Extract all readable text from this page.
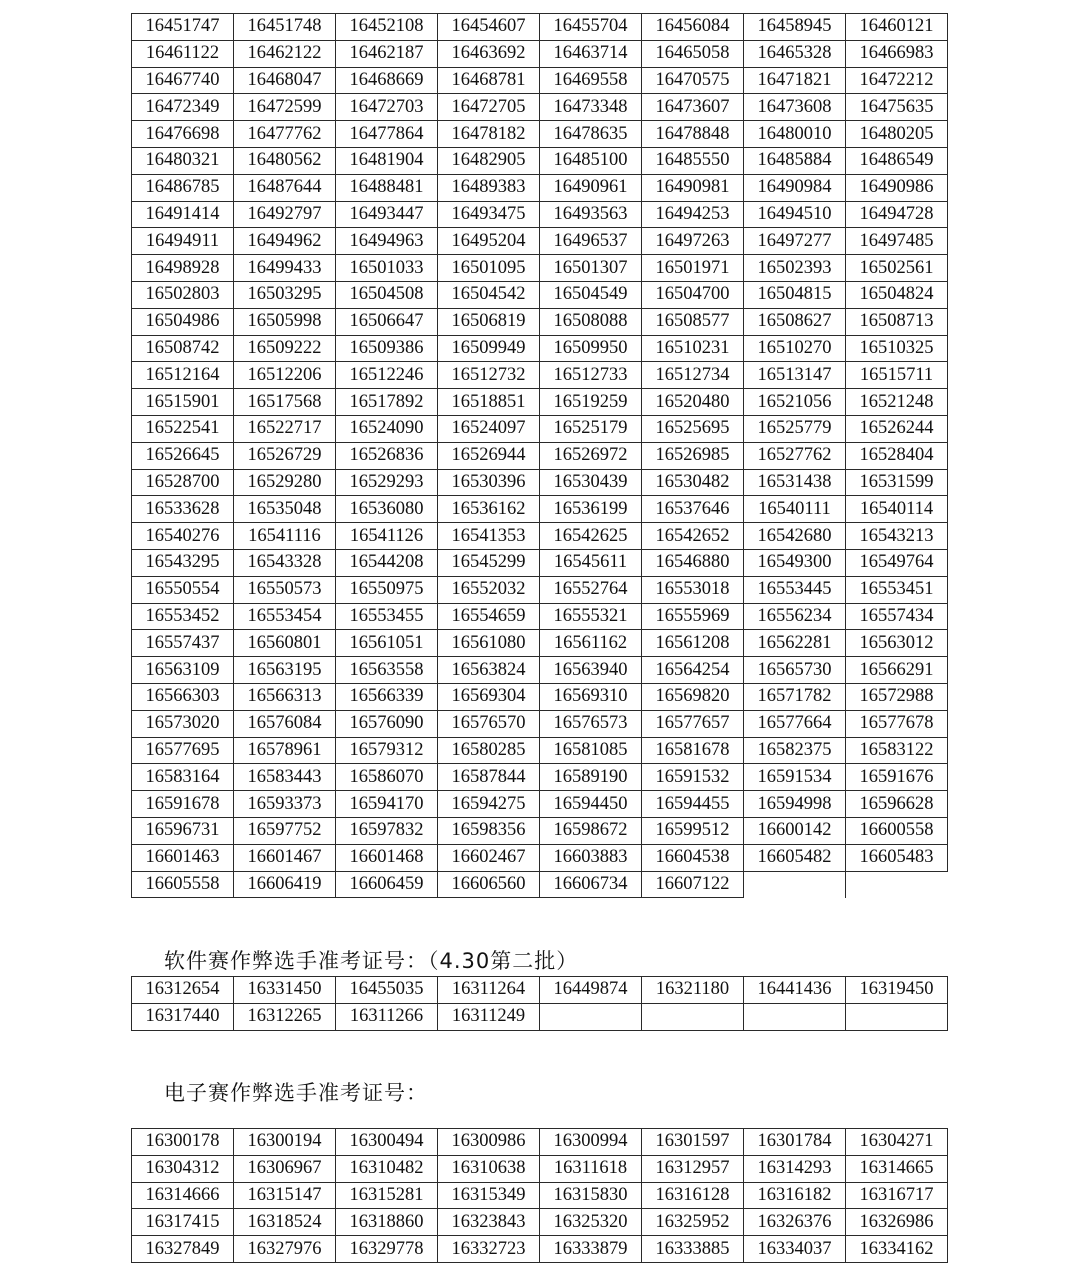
16451747	16451748	16452108	16454607	16455704	16456084	16458945	16460121
16461122	16462122	16462187	16463692	16463714	16465058	16465328	16466983
16467740	16468047	16468669	16468781	16469558	16470575	16471821	16472212
16472349	16472599	16472703	16472705	16473348	16473607	16473608	16475635
16476698	16477762	16477864	16478182	16478635	16478848	16480010	16480205
16480321	16480562	16481904	16482905	16485100	16485550	16485884	16486549
16486785	16487644	16488481	16489383	16490961	16490981	16490984	16490986
16491414	16492797	16493447	16493475	16493563	16494253	16494510	16494728
16494911	16494962	16494963	16495204	16496537	16497263	16497277	16497485
16498928	16499433	16501033	16501095	16501307	16501971	16502393	16502561
16502803	16503295	16504508	16504542	16504549	16504700	16504815	16504824
16504986	16505998	16506647	16506819	16508088	16508577	16508627	16508713
16508742	16509222	16509386	16509949	16509950	16510231	16510270	16510325
16512164	16512206	16512246	16512732	16512733	16512734	16513147	16515711
16515901	16517568	16517892	16518851	16519259	16520480	16521056	16521248
16522541	16522717	16524090	16524097	16525179	16525695	16525779	16526244
16526645	16526729	16526836	16526944	16526972	16526985	16527762	16528404
16528700	16529280	16529293	16530396	16530439	16530482	16531438	16531599
16533628	16535048	16536080	16536162	16536199	16537646	16540111	16540114
16540276	16541116	16541126	16541353	16542625	16542652	16542680	16543213
16543295	16543328	16544208	16545299	16545611	16546880	16549300	16549764
16550554	16550573	16550975	16552032	16552764	16553018	16553445	16553451
16553452	16553454	16553455	16554659	16555321	16555969	16556234	16557434
16557437	16560801	16561051	16561080	16561162	16561208	16562281	16563012
16563109	16563195	16563558	16563824	16563940	16564254	16565730	16566291
16566303	16566313	16566339	16569304	16569310	16569820	16571782	16572988
16573020	16576084	16576090	16576570	16576573	16577657	16577664	16577678
16577695	16578961	16579312	16580285	16581085	16581678	16582375	16583122
16583164	16583443	16586070	16587844	16589190	16591532	16591534	16591676
16591678	16593373	16594170	16594275	16594450	16594455	16594998	16596628
16596731	16597752	16597832	16598356	16598672	16599512	16600142	16600558
16601463	16601467	16601468	16602467	16603883	16604538	16605482	16605483
16605558	16606419	16606459	16606560	16606734	16607122		
软件赛作弊选手准考证号：（4.30第二批）
16312654	16331450	16455035	16311264	16449874	16321180	16441436	16319450
16317440	16312265	16311266	16311249				
电子赛作弊选手准考证号：
16300178	16300194	16300494	16300986	16300994	16301597	16301784	16304271
16304312	16306967	16310482	16310638	16311618	16312957	16314293	16314665
16314666	16315147	16315281	16315349	16315830	16316128	16316182	16316717
16317415	16318524	16318860	16323843	16325320	16325952	16326376	16326986
16327849	16327976	16329778	16332723	16333879	16333885	16334037	16334162
